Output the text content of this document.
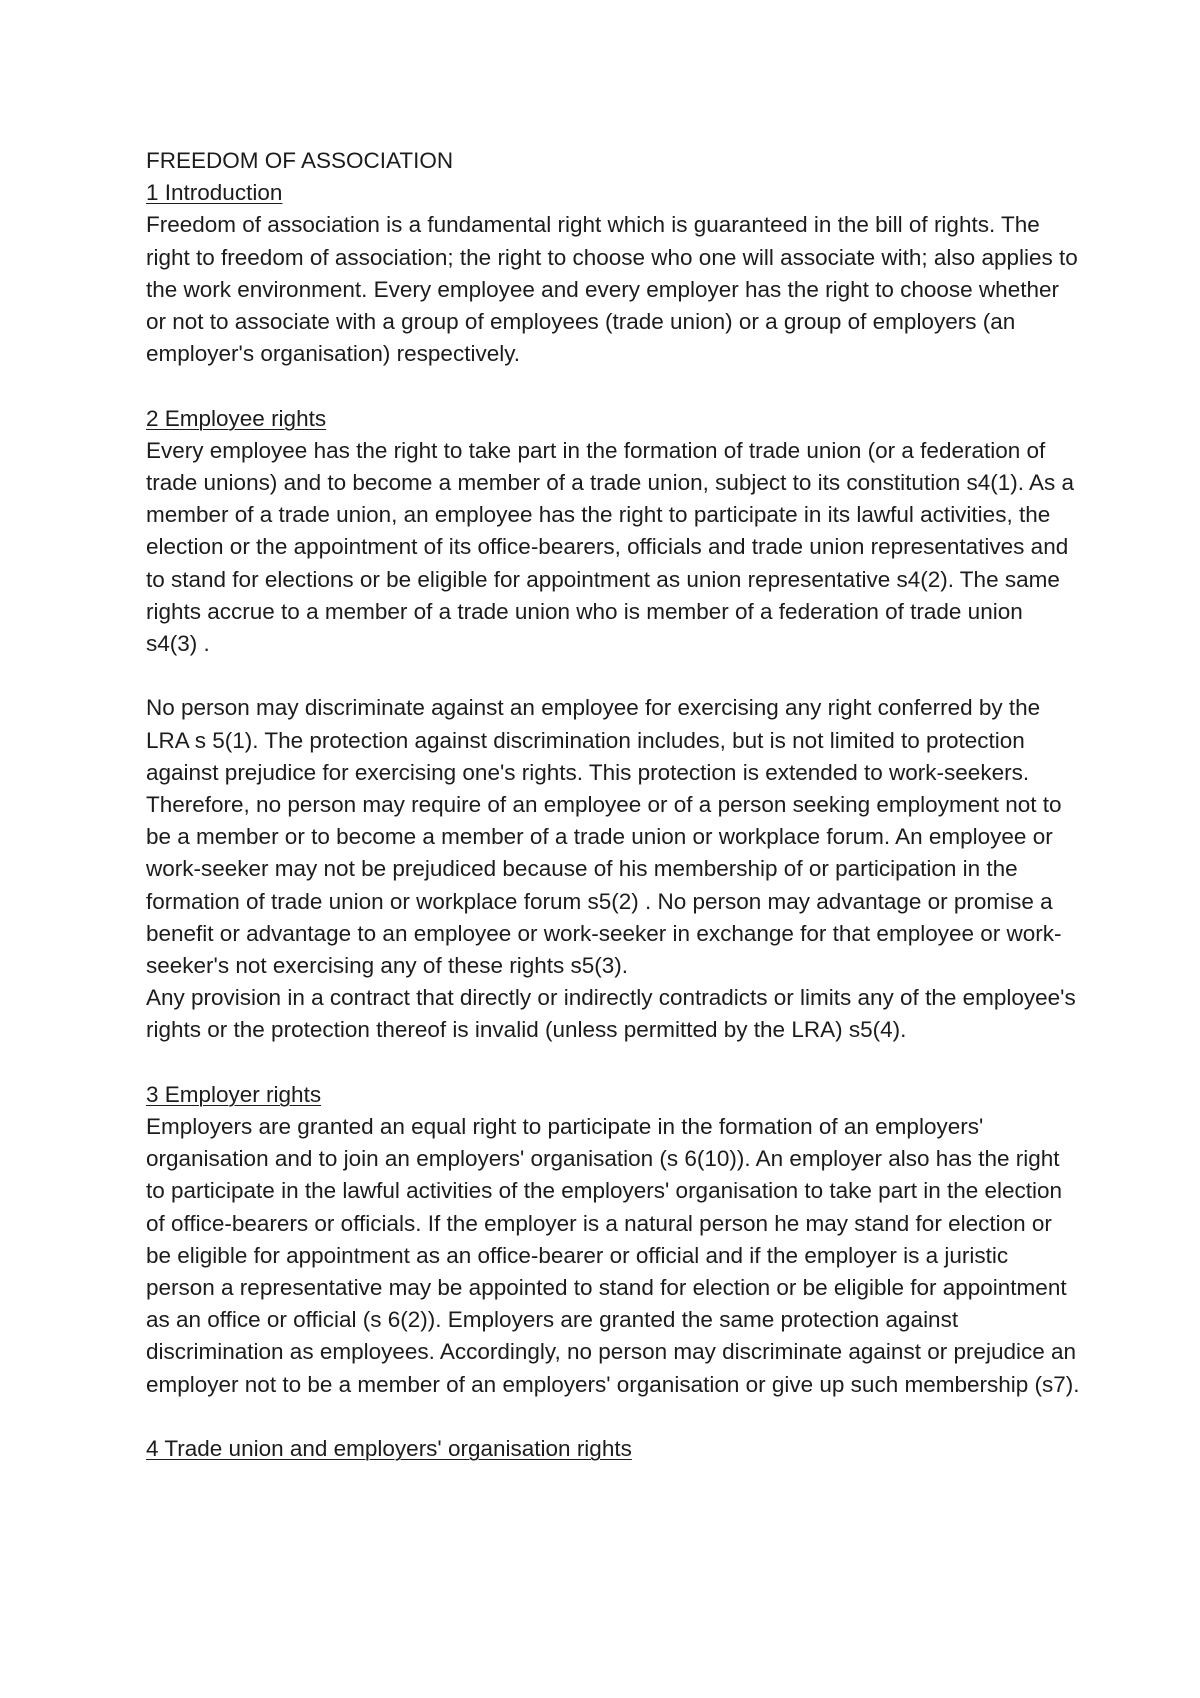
FREEDOM OF ASSOCIATION
1 Introduction
Freedom of association is a fundamental right which is guaranteed in the bill of rights. The right to freedom of association; the right to choose who one will associate with; also applies to the work environment. Every employee and every employer has the right to choose whether or not to associate with a group of employees (trade union) or a group of employers (an employer's organisation) respectively.
2 Employee rights
Every employee has the right to take part in the formation of trade union (or a federation of trade unions) and to become a member of a trade union, subject to its constitution s4(1). As a member of a trade union, an employee has the right to participate in its lawful activities, the election or the appointment of its office-bearers, officials and trade union representatives and to stand for elections or be eligible for appointment as union representative s4(2). The same rights accrue to a member of a trade union who is member of a federation of trade union s4(3) .
No person may discriminate against an employee for exercising any right conferred by the LRA s 5(1). The protection against discrimination includes, but is not limited to protection against prejudice for exercising one's rights. This protection is extended to work-seekers. Therefore, no person may require of an employee or of a person seeking employment not to be a member or to become a member of a trade union or workplace forum. An employee or work-seeker may not be prejudiced because of his membership of or participation in the formation of trade union or workplace forum s5(2) . No person may advantage or promise a benefit or advantage to an employee or work-seeker in exchange for that employee or work-seeker's not exercising any of these rights s5(3).
Any provision in a contract that directly or indirectly contradicts or limits any of the employee's rights or the protection thereof is invalid (unless permitted by the LRA) s5(4).
3 Employer rights
Employers are granted an equal right to participate in the formation of an employers' organisation and to join an employers' organisation (s 6(10)). An employer also has the right to participate in the lawful activities of the employers' organisation to take part in the election of office-bearers or officials. If the employer is a natural person he may stand for election or be eligible for appointment as an office-bearer or official and if the employer is a juristic person a representative may be appointed to stand for election or be eligible for appointment as an office or official (s 6(2)). Employers are granted the same protection against discrimination as employees. Accordingly, no person may discriminate against or prejudice an employer not to be a member of an employers' organisation or give up such membership (s7).
4 Trade union and employers' organisation rights
